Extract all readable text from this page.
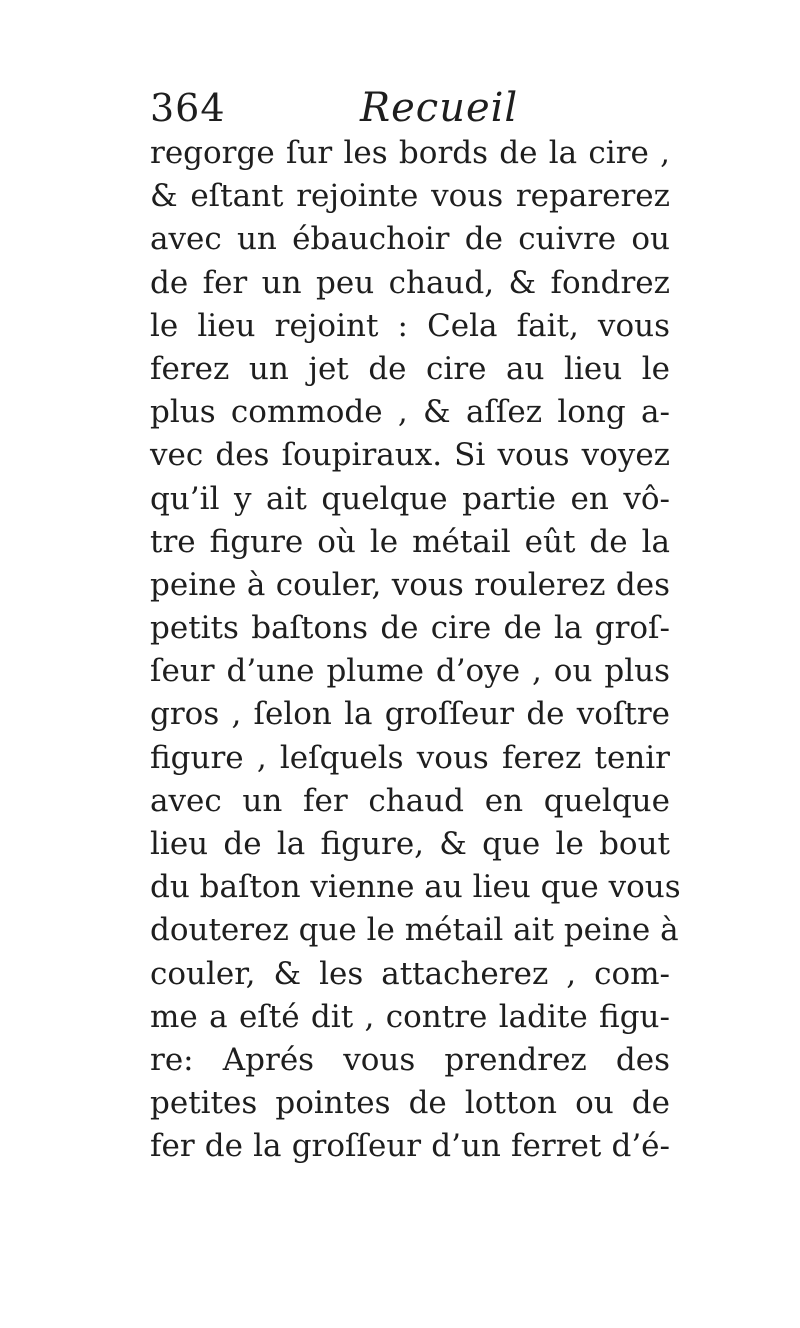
364	Recueil
regorge ſur les bords de la cire ,
& eſtant rejointe vous reparerez
avec un ébauchoir de cuivre ou
de fer un peu chaud, & fondrez
le lieu rejoint : Cela fait, vous
ferez un jet de cire au lieu le
plus commode , & aſſez long a-
vec des ſoupiraux. Si vous voyez
qu’il y ait quelque partie en vô-
tre figure où le métail eût de la
peine à couler, vous roulerez des
petits baſtons de cire de la groſ-
ſeur d’une plume d’oye , ou plus
gros , ſelon la groſſeur de voſtre
figure , leſquels vous ferez tenir
avec un fer chaud en quelque
lieu de la figure, & que le bout
du baſton vienne au lieu que vous
douterez que le métail ait peine à
couler, & les attacherez , com-
me a eſté dit , contre ladite figu-
re: Aprés vous prendrez des
petites pointes de lotton ou de
fer de la groſſeur d’un ferret d’é-
